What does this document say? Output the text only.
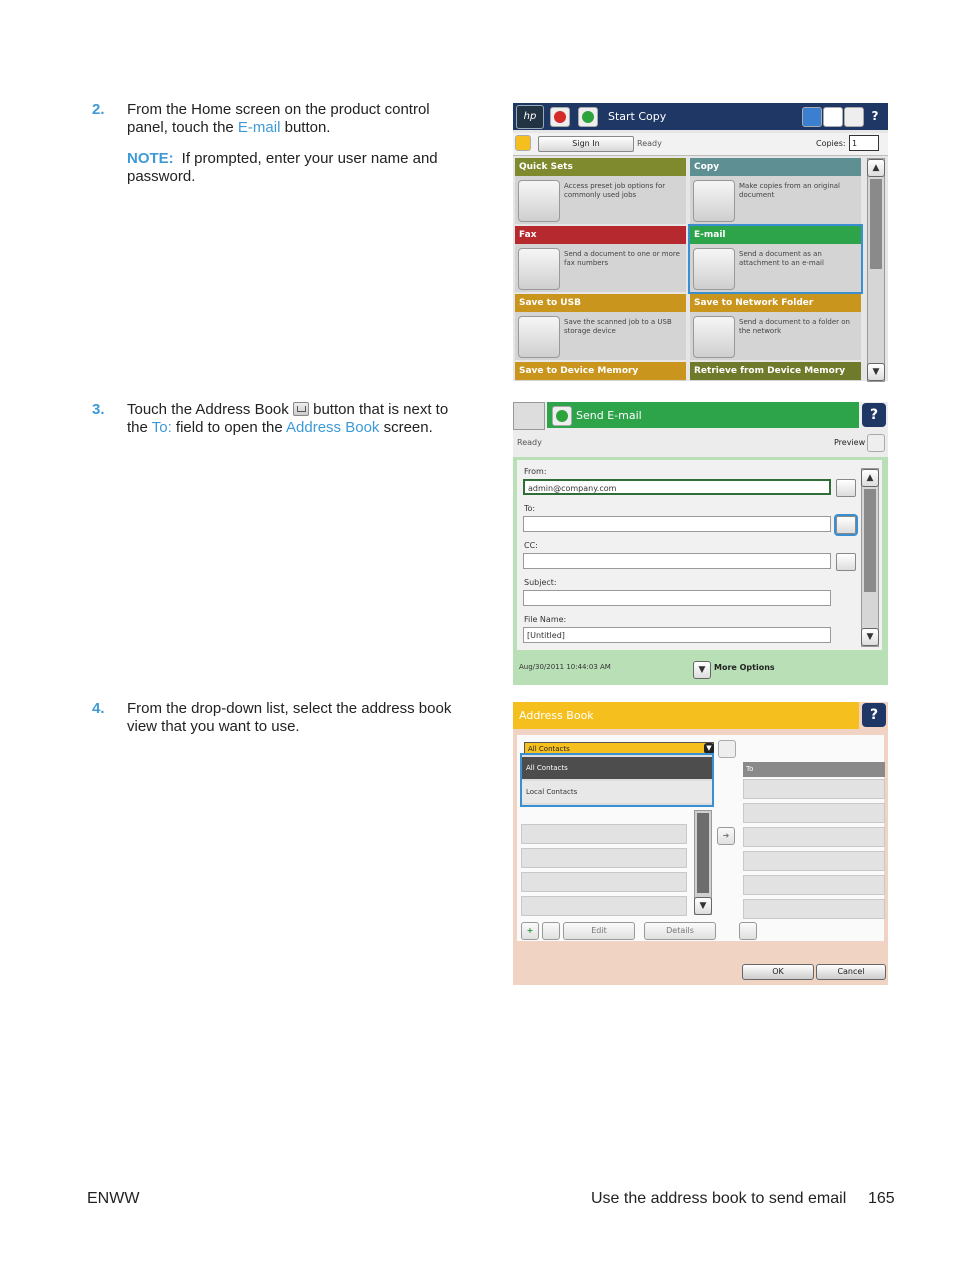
2. From the Home screen on the product control panel, touch the E-mail button.
NOTE: If prompted, enter your user name and password.
3. Touch the Address Book  button that is next to the To: field to open the Address Book screen.
4. From the drop-down list, select the address book view that you want to use.
hp	Start Copy	?
Sign In	Ready	Copies: 1
Quick Sets
Access preset job options for commonly used jobs
Copy
Make copies from an original document
Fax
Send a document to one or more fax numbers
E-mail
Send a document as an attachment to an e-mail
Save to USB
Save the scanned job to a USB storage device
Save to Network Folder
Send a document to a folder on the network
Save to Device Memory	Retrieve from Device Memory
▲
▼
Send E-mail	?
Ready	Preview
From:
admin@company.com
To:
CC:
Subject:
File Name:
[Untitled]
▲
▼
Aug/30/2011 10:44:03 AM	▼	More Options
Address Book	?
▼
➜
To
+	Edit	Details
All Contacts	▼
All Contacts
Local Contacts
OK	Cancel
ENWW	Use the address book to send email 165
